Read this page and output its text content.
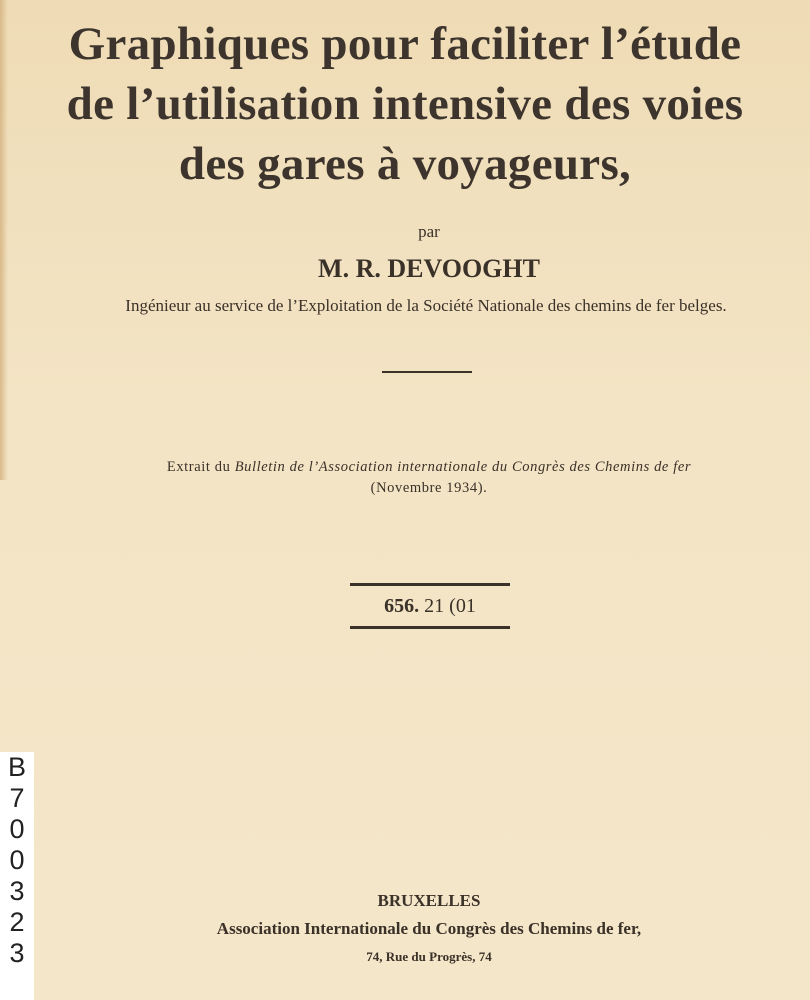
Graphiques pour faciliter l’étude
de l’utilisation intensive des voies
des gares à voyageurs,
par
M. R. DEVOOGHT
Ingénieur au service de l’Exploitation de la Société Nationale des chemins de fer belges.
Extrait du Bulletin de l’Association internationale du Congrès des Chemins de fer
(Novembre 1934).
656. 21 (01
BRUXELLES
Association Internationale du Congrès des Chemins de fer,
74, Rue du Progrès, 74
B
7
0
0
3
2
3
